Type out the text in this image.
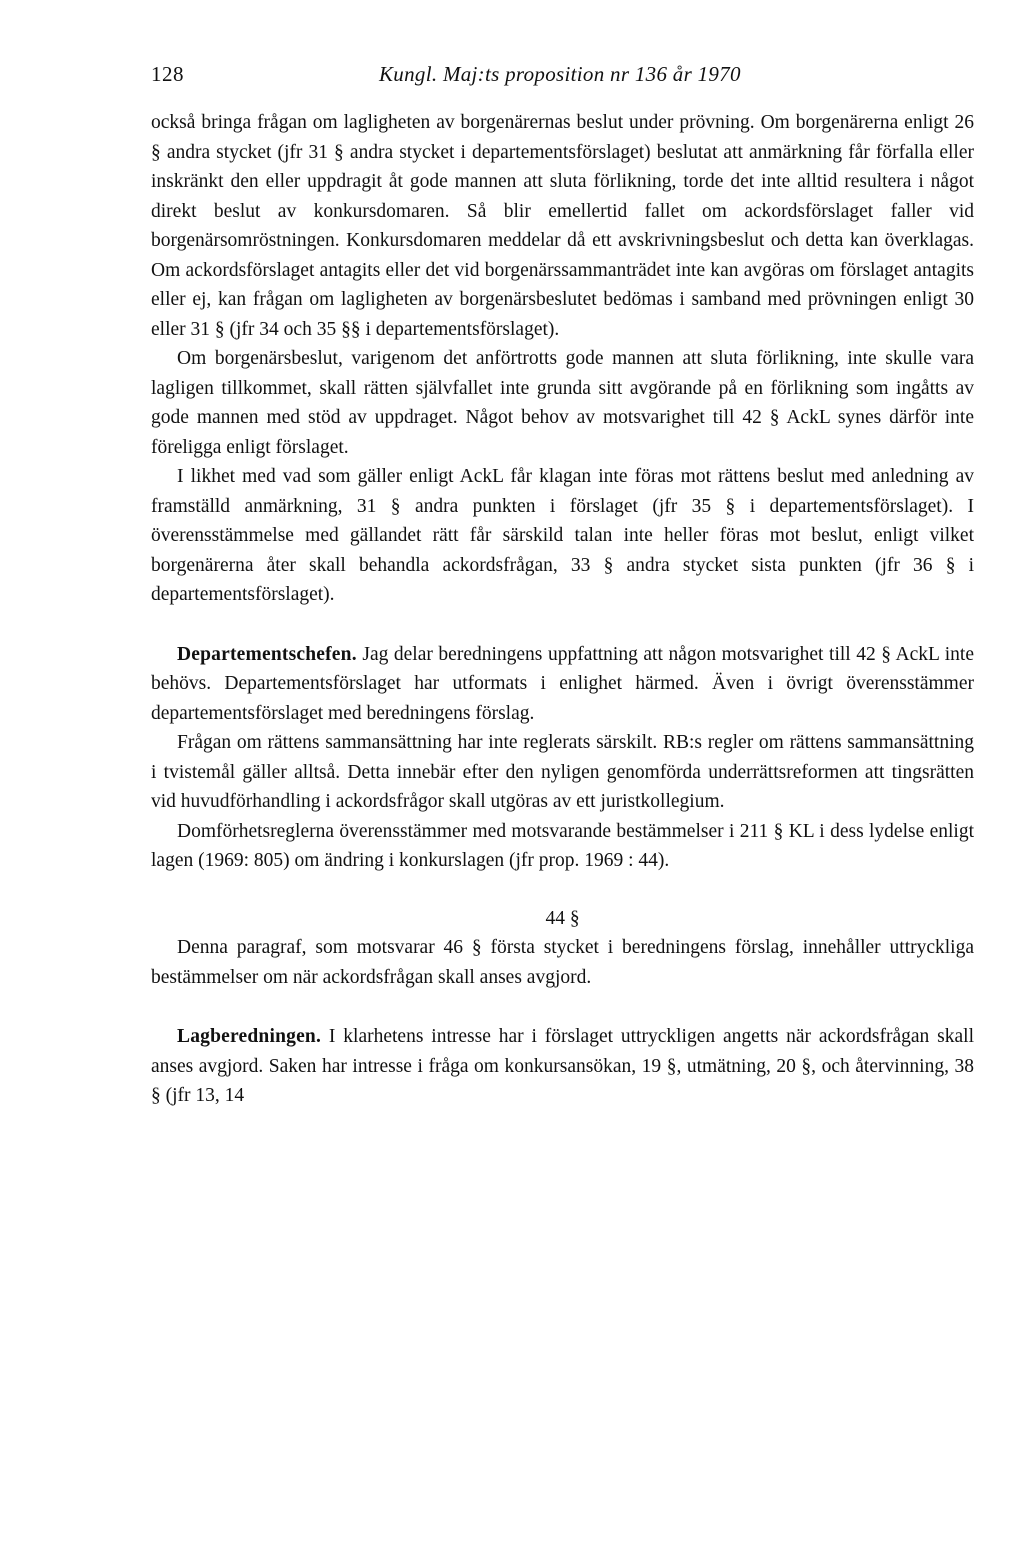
128	Kungl. Maj:ts proposition nr 136 år 1970

också bringa frågan om lagligheten av borgenärernas beslut under prövning. Om borgenärerna enligt 26 § andra stycket (jfr 31 § andra stycket i departementsförslaget) beslutat att anmärkning får förfalla eller inskränkt den eller uppdragit åt gode mannen att sluta förlikning, torde det inte alltid resultera i något direkt beslut av konkursdomaren. Så blir emellertid fallet om ackordsförslaget faller vid borgenärsomröstningen. Konkursdomaren meddelar då ett avskrivningsbeslut och detta kan överklagas. Om ackordsförslaget antagits eller det vid borgenärssammanträdet inte kan avgöras om förslaget antagits eller ej, kan frågan om lagligheten av borgenärsbeslutet bedömas i samband med prövningen enligt 30 eller 31 § (jfr 34 och 35 §§ i departementsförslaget).

Om borgenärsbeslut, varigenom det anförtrotts gode mannen att sluta förlikning, inte skulle vara lagligen tillkommet, skall rätten självfallet inte grunda sitt avgörande på en förlikning som ingåtts av gode mannen med stöd av uppdraget. Något behov av motsvarighet till 42 § AckL synes därför inte föreligga enligt förslaget.

I likhet med vad som gäller enligt AckL får klagan inte föras mot rättens beslut med anledning av framställd anmärkning, 31 § andra punkten i förslaget (jfr 35 § i departementsförslaget). I överensstämmelse med gällandet rätt får särskild talan inte heller föras mot beslut, enligt vilket borgenärerna åter skall behandla ackordsfrågan, 33 § andra stycket sista punkten (jfr 36 § i departementsförslaget).

Departementschefen. Jag delar beredningens uppfattning att någon motsvarighet till 42 § AckL inte behövs. Departementsförslaget har utformats i enlighet härmed. Även i övrigt överensstämmer departementsförslaget med beredningens förslag.

Frågan om rättens sammansättning har inte reglerats särskilt. RB:s regler om rättens sammansättning i tvistemål gäller alltså. Detta innebär efter den nyligen genomförda underrättsreformen att tingsrätten vid huvudförhandling i ackordsfrågor skall utgöras av ett juristkollegium.

Domförhetsreglerna överensstämmer med motsvarande bestämmelser i 211 § KL i dess lydelse enligt lagen (1969: 805) om ändring i konkurslagen (jfr prop. 1969 : 44).

44 §

Denna paragraf, som motsvarar 46 § första stycket i beredningens förslag, innehåller uttryckliga bestämmelser om när ackordsfrågan skall anses avgjord.

Lagberedningen. I klarhetens intresse har i förslaget uttryckligen angetts när ackordsfrågan skall anses avgjord. Saken har intresse i fråga om konkursansökan, 19 §, utmätning, 20 §, och återvinning, 38 § (jfr 13, 14
